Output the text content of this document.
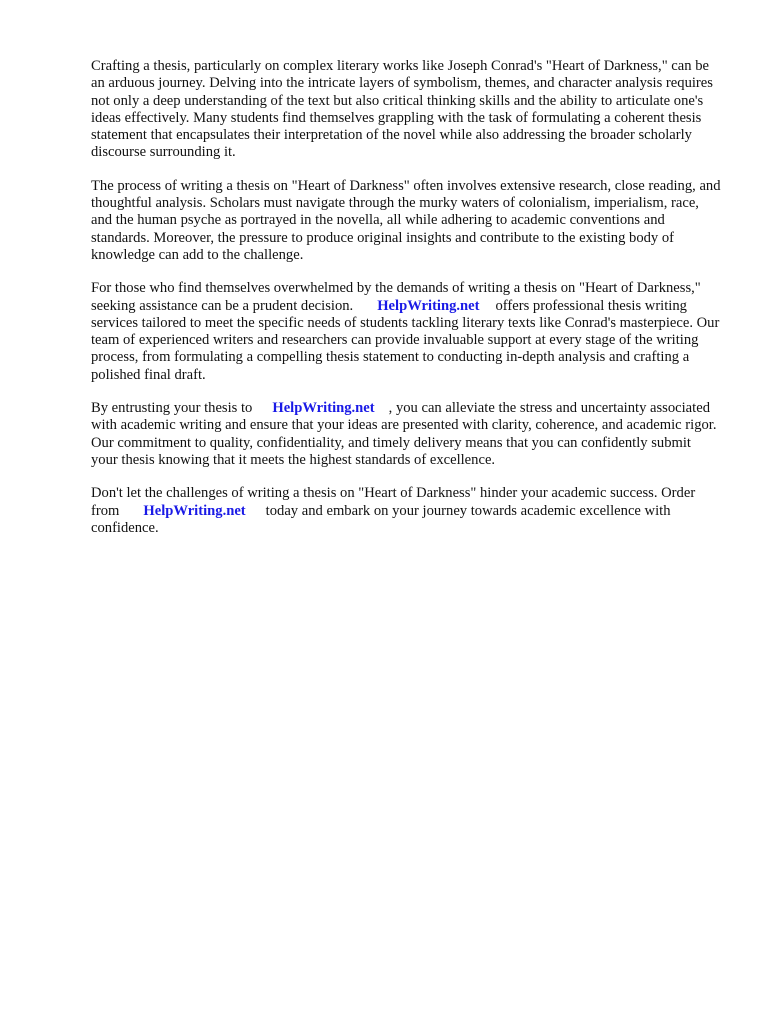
Crafting a thesis, particularly on complex literary works like Joseph Conrad's "Heart of Darkness," can be an arduous journey. Delving into the intricate layers of symbolism, themes, and character analysis requires not only a deep understanding of the text but also critical thinking skills and the ability to articulate one's ideas effectively. Many students find themselves grappling with the task of formulating a coherent thesis statement that encapsulates their interpretation of the novel while also addressing the broader scholarly discourse surrounding it.

The process of writing a thesis on "Heart of Darkness" often involves extensive research, close reading, and thoughtful analysis. Scholars must navigate through the murky waters of colonialism, imperialism, race, and the human psyche as portrayed in the novella, all while adhering to academic conventions and standards. Moreover, the pressure to produce original insights and contribute to the existing body of knowledge can add to the challenge.

For those who find themselves overwhelmed by the demands of writing a thesis on "Heart of Darkness," seeking assistance can be a prudent decision. HelpWriting.net offers professional thesis writing services tailored to meet the specific needs of students tackling literary texts like Conrad's masterpiece. Our team of experienced writers and researchers can provide invaluable support at every stage of the writing process, from formulating a compelling thesis statement to conducting in-depth analysis and crafting a polished final draft.

By entrusting your thesis to HelpWriting.net , you can alleviate the stress and uncertainty associated with academic writing and ensure that your ideas are presented with clarity, coherence, and academic rigor. Our commitment to quality, confidentiality, and timely delivery means that you can confidently submit your thesis knowing that it meets the highest standards of excellence.

Don't let the challenges of writing a thesis on "Heart of Darkness" hinder your academic success. Order from HelpWriting.net today and embark on your journey towards academic excellence with confidence.
